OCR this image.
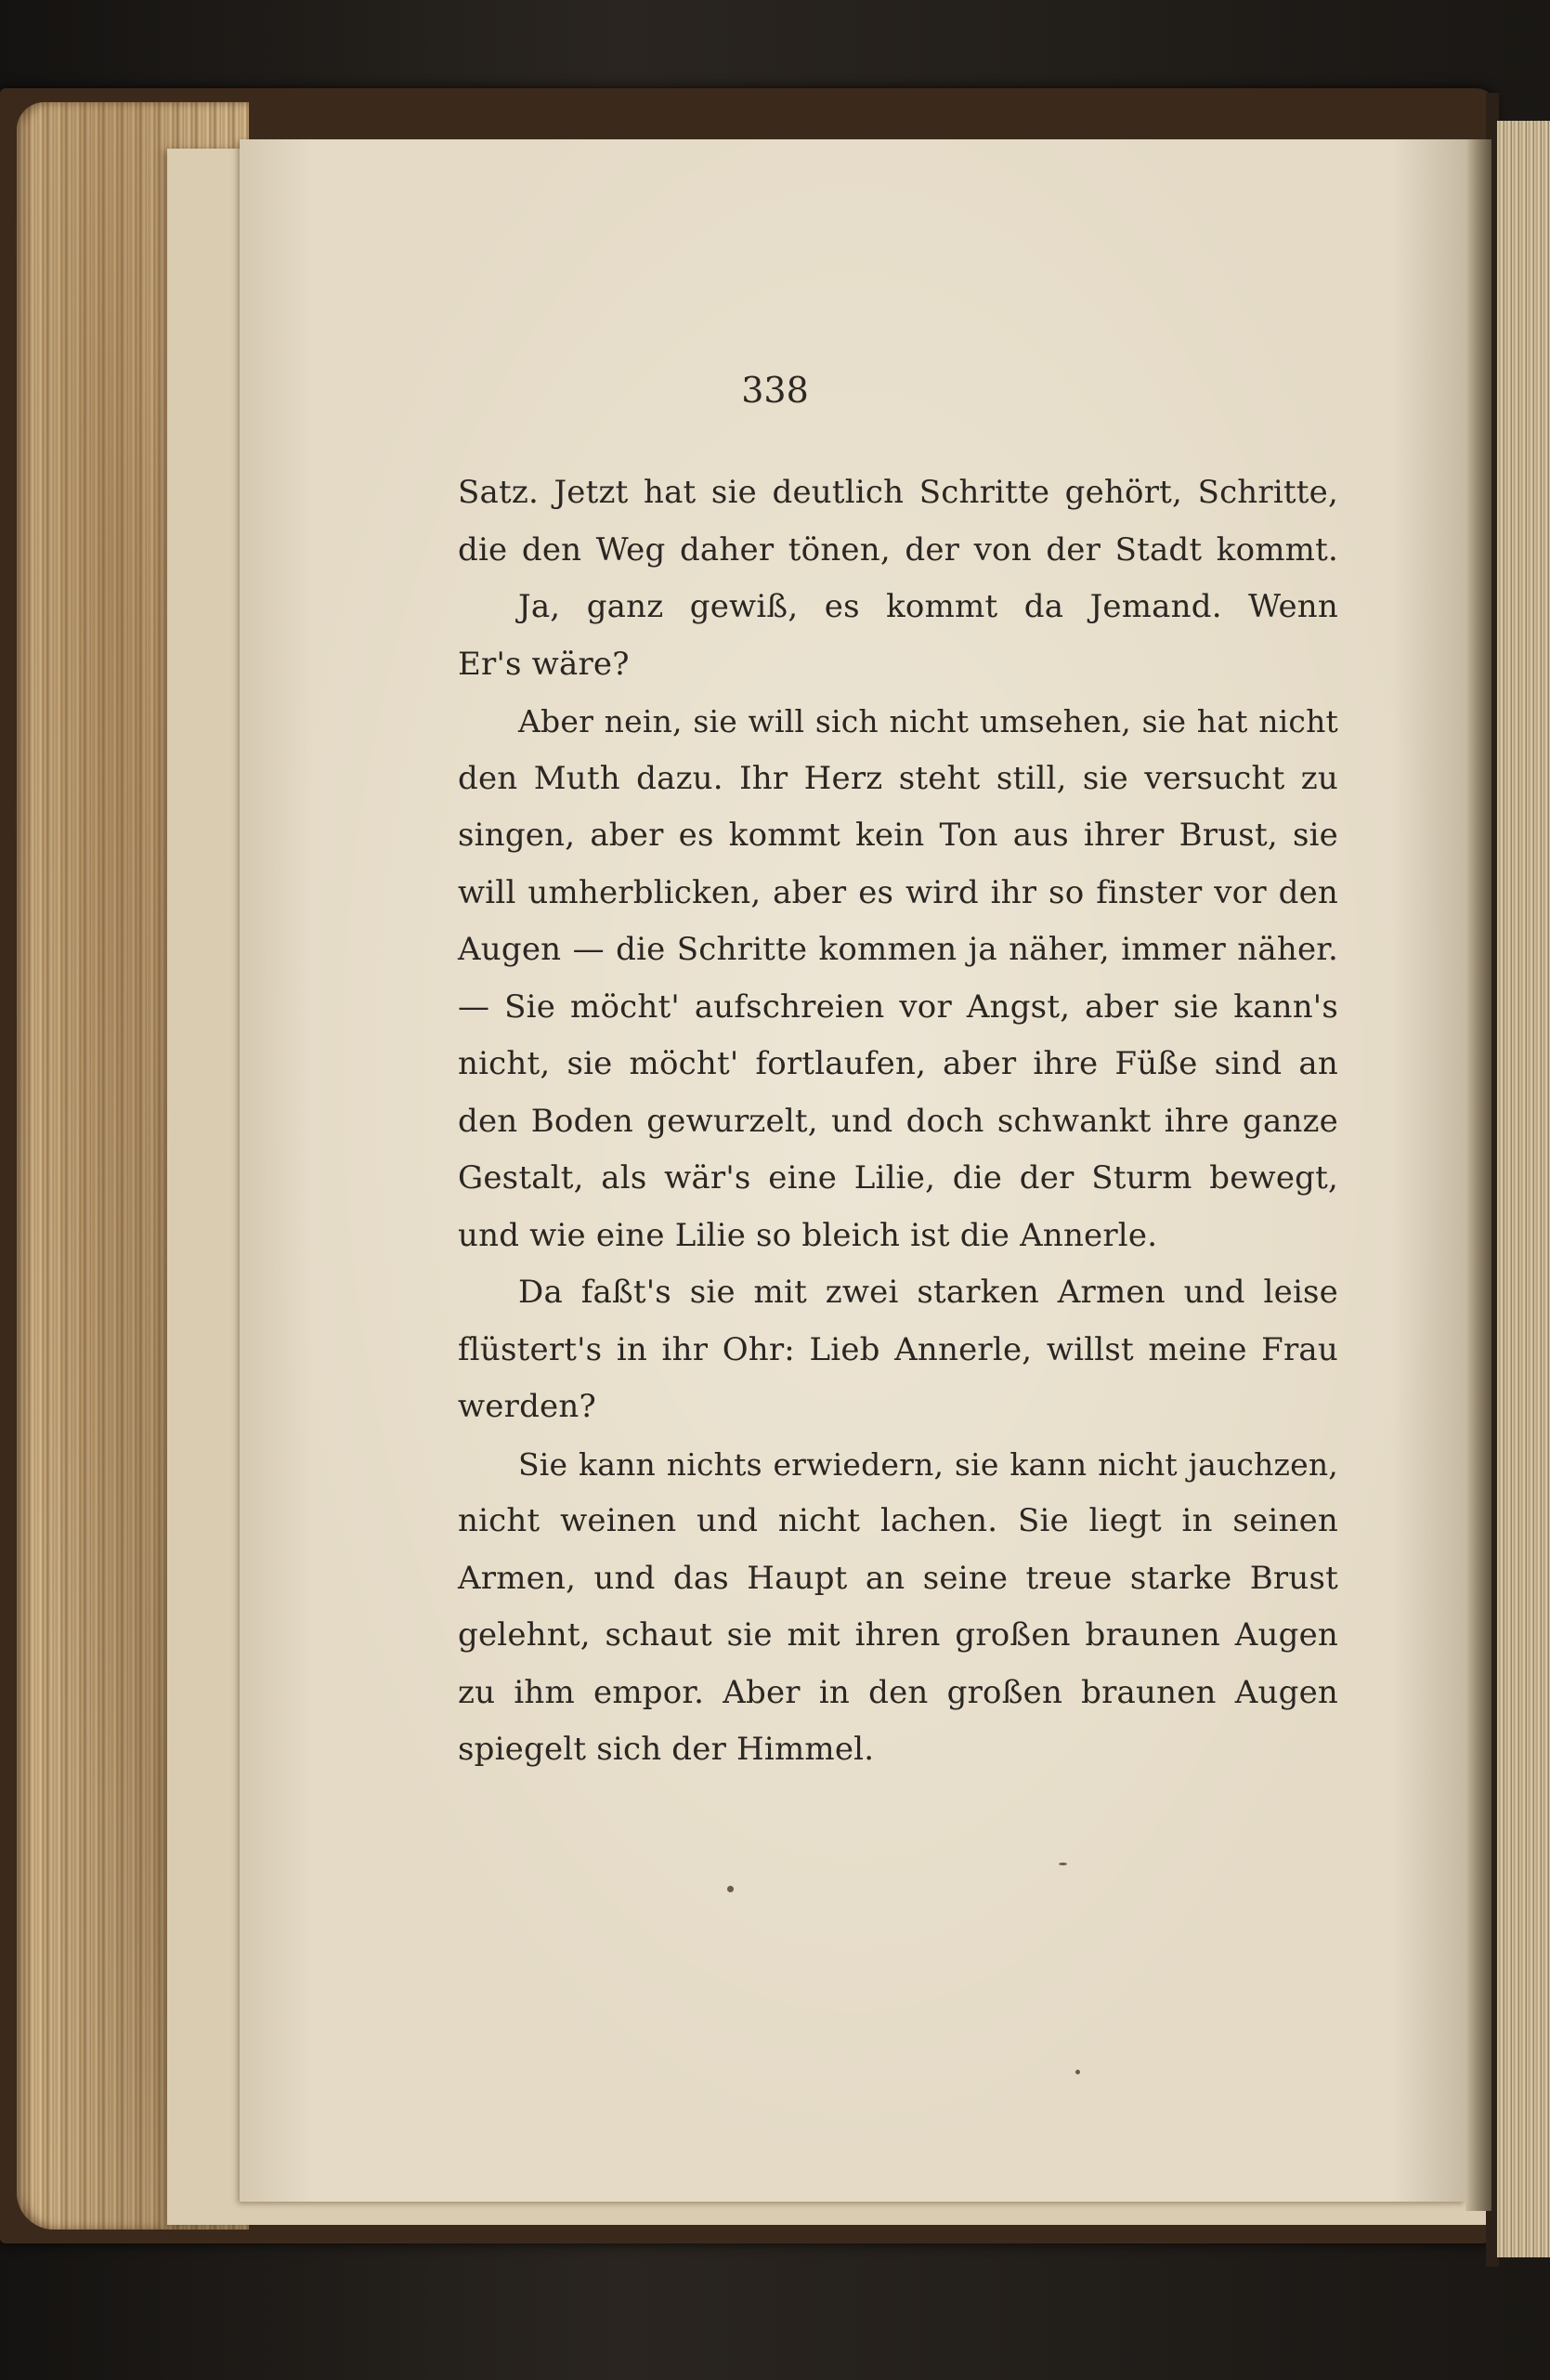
338
Satz. Jetzt hat sie deutlich Schritte gehört, Schritte,
die den Weg daher tönen, der von der Stadt kommt.
Ja, ganz gewiß, es kommt da Jemand. Wenn
Er's wäre?
Aber nein, sie will sich nicht umsehen, sie hat nicht
den Muth dazu. Ihr Herz steht still, sie versucht zu
singen, aber es kommt kein Ton aus ihrer Brust, sie
will umherblicken, aber es wird ihr so finster vor den
Augen — die Schritte kommen ja näher, immer näher.
— Sie möcht' aufschreien vor Angst, aber sie kann's
nicht, sie möcht' fortlaufen, aber ihre Füße sind an
den Boden gewurzelt, und doch schwankt ihre ganze
Gestalt, als wär's eine Lilie, die der Sturm bewegt,
und wie eine Lilie so bleich ist die Annerle.
Da faßt's sie mit zwei starken Armen und leise
flüstert's in ihr Ohr: Lieb Annerle, willst meine Frau
werden?
Sie kann nichts erwiedern, sie kann nicht jauchzen,
nicht weinen und nicht lachen. Sie liegt in seinen
Armen, und das Haupt an seine treue starke Brust
gelehnt, schaut sie mit ihren großen braunen Augen
zu ihm empor. Aber in den großen braunen Augen
spiegelt sich der Himmel.
